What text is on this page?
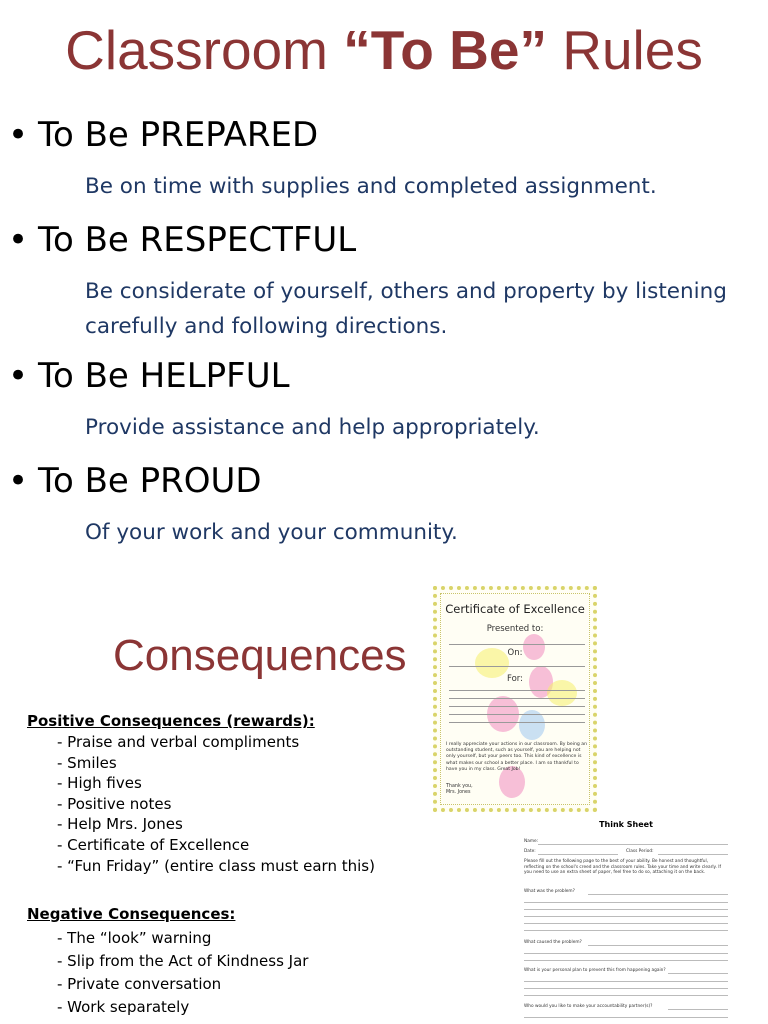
Classroom “To Be” Rules
• To Be PREPARED
Be on time with supplies and completed assignment.
• To Be RESPECTFUL
Be considerate of yourself, others and property by listening carefully and following directions.
• To Be HELPFUL
Provide assistance and help appropriately.
• To Be PROUD
Of your work and your community.
Consequences
Positive Consequences (rewards):
- Praise and verbal compliments
- Smiles
- High fives
- Positive notes
- Help Mrs. Jones
- Certificate of Excellence
- “Fun Friday” (entire class must earn this)
Negative Consequences:
- The “look” warning
- Slip from the Act of Kindness Jar
- Private conversation
- Work separately
Certificate of Excellence
Presented to:
On:
For:
I really appreciate your actions in our classroom. By being an outstanding student, such as yourself, you are helping not only yourself, but your peers too. This kind of excellence is what makes our school a better place. I am so thankful to have you in my class. Great Job!
Thank you,
Mrs. Jones
Think Sheet
Name:
Date:	Class Period:
Please fill out the following page to the best of your ability. Be honest and thoughtful, reflecting on the school's creed and the classroom rules. Take your time and write clearly. If you need to use an extra sheet of paper, feel free to do so, attaching it on the back.
What was the problem?
What caused the problem?
What is your personal plan to prevent this from happening again?
Who would you like to make your accountability partner(s)?
